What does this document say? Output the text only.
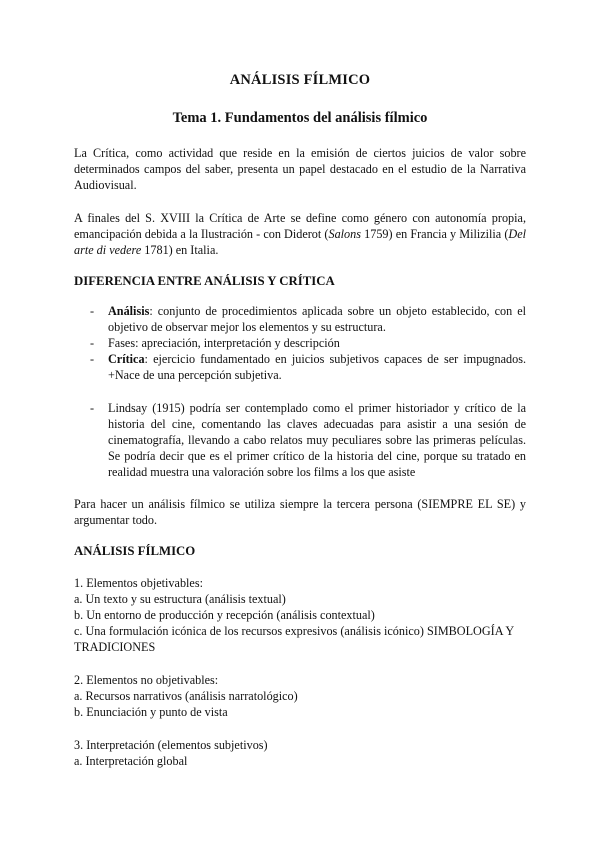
ANÁLISIS FÍLMICO
Tema 1. Fundamentos del análisis fílmico

La Crítica, como actividad que reside en la emisión de ciertos juicios de valor sobre determinados campos del saber, presenta un papel destacado en el estudio de la Narrativa Audiovisual.

A finales del S. XVIII la Crítica de Arte se define como género con autonomía propia, emancipación debida a la Ilustración - con Diderot (Salons 1759) en Francia y Milizilia (Del arte di vedere 1781) en Italia.

DIFERENCIA ENTRE ANÁLISIS Y CRÍTICA
- Análisis: conjunto de procedimientos aplicada sobre un objeto establecido, con el objetivo de observar mejor los elementos y su estructura.
- Fases: apreciación, interpretación y descripción
- Crítica: ejercicio fundamentado en juicios subjetivos capaces de ser impugnados. +Nace de una percepción subjetiva.
- Lindsay (1915) podría ser contemplado como el primer historiador y crítico de la historia del cine, comentando las claves adecuadas para asistir a una sesión de cinematografía, llevando a cabo relatos muy peculiares sobre las primeras películas. Se podría decir que es el primer crítico de la historia del cine, porque su tratado en realidad muestra una valoración sobre los films a los que asiste

Para hacer un análisis fílmico se utiliza siempre la tercera persona (SIEMPRE EL SE) y argumentar todo.

ANÁLISIS FÍLMICO

1. Elementos objetivables:

a. Un texto y su estructura (análisis textual)

b. Un entorno de producción y recepción (análisis contextual)

c. Una formulación icónica de los recursos expresivos (análisis icónico) SIMBOLOGÍA Y TRADICIONES

2. Elementos no objetivables:

a. Recursos narrativos (análisis narratológico)

b. Enunciación y punto de vista

3. Interpretación (elementos subjetivos)

a. Interpretación global
